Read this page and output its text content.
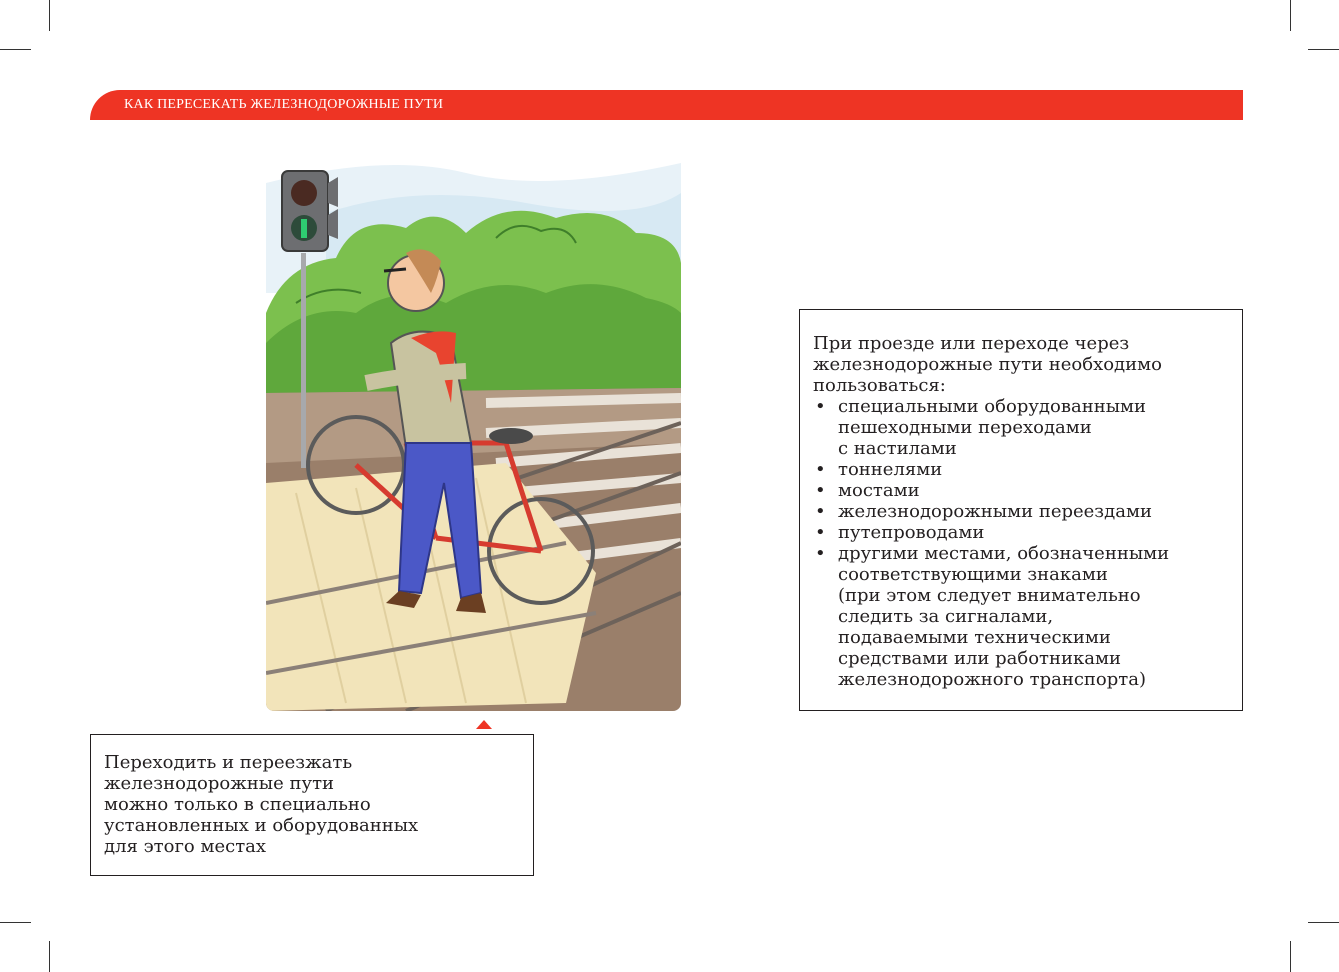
КАК ПЕРЕСЕКАТЬ ЖЕЛЕЗНОДОРОЖНЫЕ ПУТИ
Переходить и переезжать
железнодорожные пути
можно только в специально
установленных и оборудованных
для этого местах
При проезде или переходе через
железнодорожные пути необходимо
пользоваться:
• специальными оборудованными
пешеходными переходами
с настилами
• тоннелями
• мостами
• железнодорожными переездами
• путепроводами
• другими местами, обозначенными
соответствующими знаками
(при этом следует внимательно
следить за сигналами,
подаваемыми техническими
средствами или работниками
железнодорожного транспорта)
